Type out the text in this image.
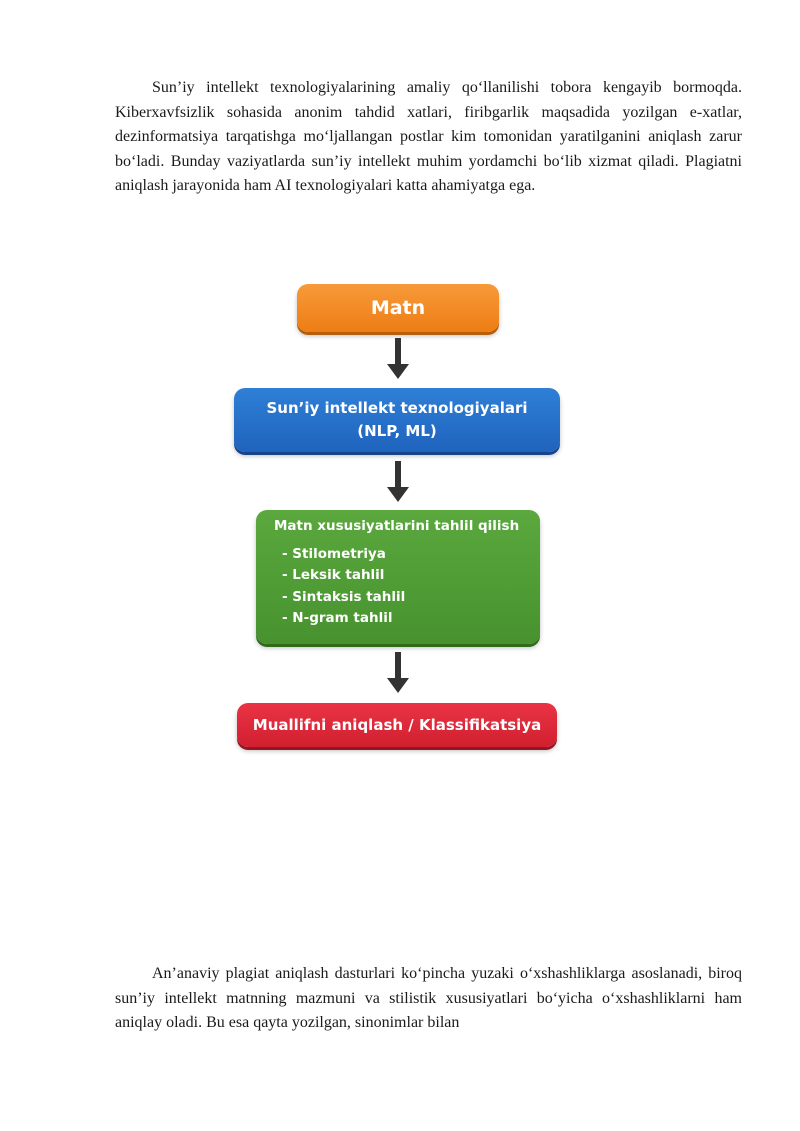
Sun’iy intellekt texnologiyalarining amaliy qo‘llanilishi tobora kengayib bormoqda. Kiberxavfsizlik sohasida anonim tahdid xatlari, firibgarlik maqsadida yozilgan e-xatlar, dezinformatsiya tarqatishga mo‘ljallangan postlar kim tomonidan yaratilganini aniqlash zarur bo‘ladi. Bunday vaziyatlarda sun’iy intellekt muhim yordamchi bo‘lib xizmat qiladi. Plagiatni aniqlash jarayonida ham AI texnologiyalari katta ahamiyatga ega.

Matn
Sun’iy intellekt texnologiyalari
(NLP, ML)
Matn xususiyatlarini tahlil qilish
- Stilometriya
- Leksik tahlil
- Sintaksis tahlil
- N-gram tahlil
Muallifni aniqlash / Klassifikatsiya

An’anaviy plagiat aniqlash dasturlari ko‘pincha yuzaki o‘xshashliklarga asoslanadi, biroq sun’iy intellekt matnning mazmuni va stilistik xususiyatlari bo‘yicha o‘xshashliklarni ham aniqlay oladi. Bu esa qayta yozilgan, sinonimlar bilan
